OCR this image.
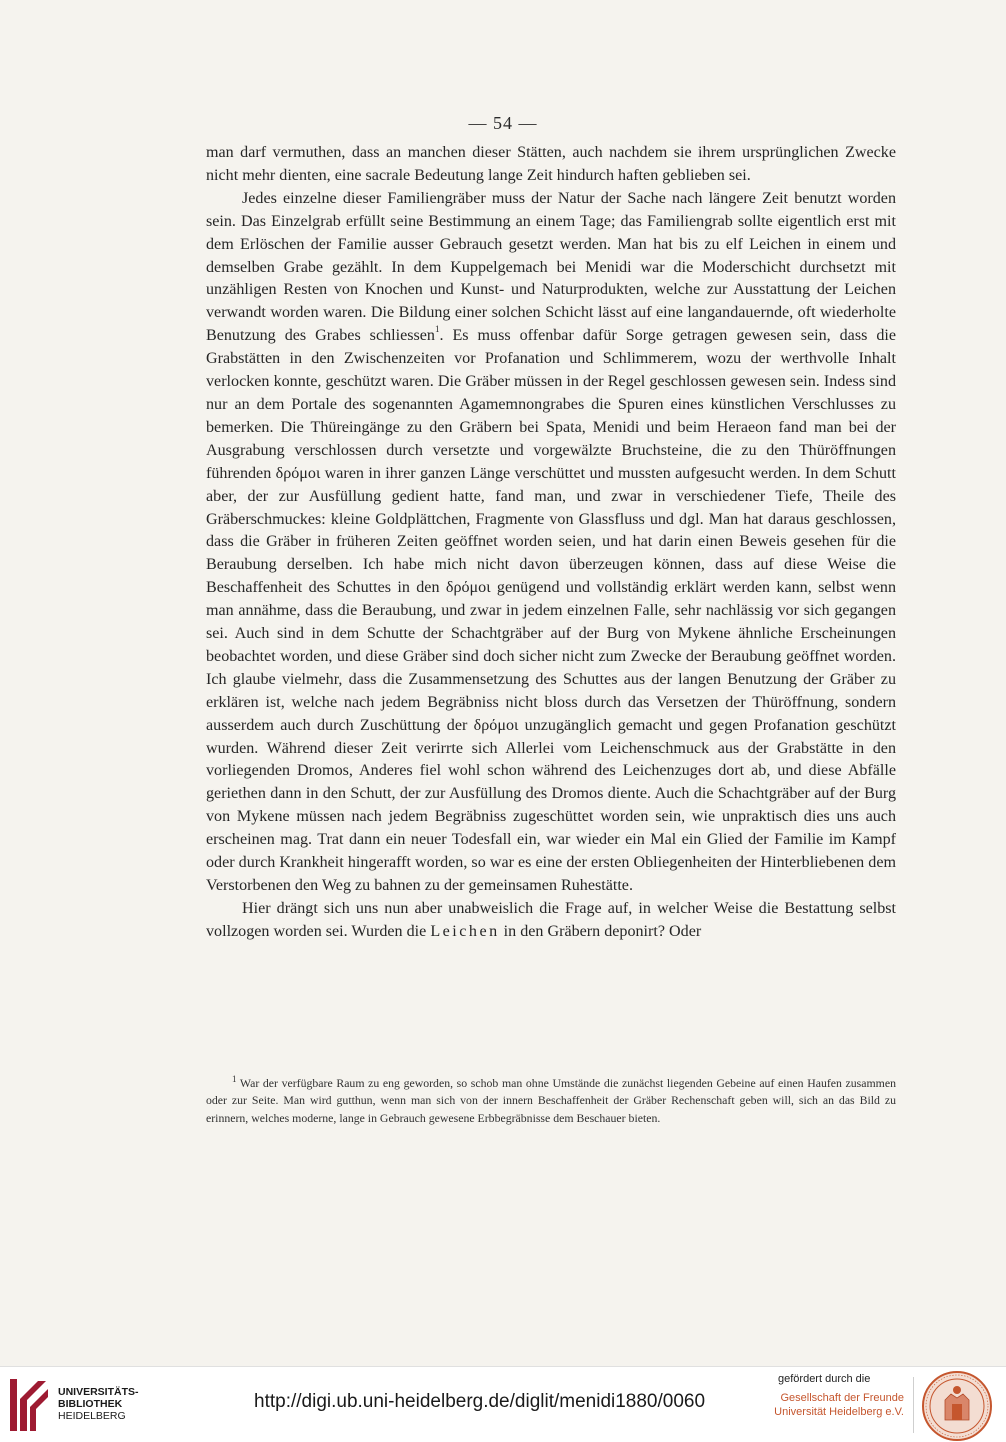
— 54 —

man darf vermuthen, dass an manchen dieser Stätten, auch nachdem sie ihrem ursprünglichen Zwecke nicht mehr dienten, eine sacrale Bedeutung lange Zeit hindurch haften geblieben sei.

Jedes einzelne dieser Familiengräber muss der Natur der Sache nach längere Zeit benutzt worden sein. Das Einzelgrab erfüllt seine Bestimmung an einem Tage; das Familiengrab sollte eigentlich erst mit dem Erlöschen der Familie ausser Gebrauch gesetzt werden. Man hat bis zu elf Leichen in einem und demselben Grabe gezählt. In dem Kuppelgemach bei Menidi war die Moderschicht durchsetzt mit unzähligen Resten von Knochen und Kunst- und Naturprodukten, welche zur Ausstattung der Leichen verwandt worden waren. Die Bildung einer solchen Schicht lässt auf eine langandauernde, oft wiederholte Benutzung des Grabes schliessen$^1$. Es muss offenbar dafür Sorge getragen gewesen sein, dass die Grabstätten in den Zwischenzeiten vor Profanation und Schlimmerem, wozu der werthvolle Inhalt verlocken konnte, geschützt waren. Die Gräber müssen in der Regel geschlossen gewesen sein. Indess sind nur an dem Portale des sogenannten Agamemnongrabes die Spuren eines künstlichen Verschlusses zu bemerken. Die Thüreingänge zu den Gräbern bei Spata, Menidi und beim Heraeon fand man bei der Ausgrabung verschlossen durch versetzte und vorgewälzte Bruchsteine, die zu den Thüröffnungen führenden δρόμοι waren in ihrer ganzen Länge verschüttet und mussten aufgesucht werden. In dem Schutt aber, der zur Ausfüllung gedient hatte, fand man, und zwar in verschiedener Tiefe, Theile des Gräberschmuckes: kleine Goldplättchen, Fragmente von Glassfluss und dgl. Man hat daraus geschlossen, dass die Gräber in früheren Zeiten geöffnet worden seien, und hat darin einen Beweis gesehen für die Beraubung derselben. Ich habe mich nicht davon überzeugen können, dass auf diese Weise die Beschaffenheit des Schuttes in den δρόμοι genügend und vollständig erklärt werden kann, selbst wenn man annähme, dass die Beraubung, und zwar in jedem einzelnen Falle, sehr nachlässig vor sich gegangen sei. Auch sind in dem Schutte der Schachtgräber auf der Burg von Mykene ähnliche Erscheinungen beobachtet worden, und diese Gräber sind doch sicher nicht zum Zwecke der Beraubung geöffnet worden. Ich glaube vielmehr, dass die Zusammensetzung des Schuttes aus der langen Benutzung der Gräber zu erklären ist, welche nach jedem Begräbniss nicht bloss durch das Versetzen der Thüröffnung, sondern ausserdem auch durch Zuschüttung der δρόμοι unzugänglich gemacht und gegen Profanation geschützt wurden. Während dieser Zeit verirrte sich Allerlei vom Leichenschmuck aus der Grabstätte in den vorliegenden Dromos, Anderes fiel wohl schon während des Leichenzuges dort ab, und diese Abfälle geriethen dann in den Schutt, der zur Ausfüllung des Dromos diente. Auch die Schachtgräber auf der Burg von Mykene müssen nach jedem Begräbniss zugeschüttet worden sein, wie unpraktisch dies uns auch erscheinen mag. Trat dann ein neuer Todesfall ein, war wieder ein Mal ein Glied der Familie im Kampf oder durch Krankheit hingerafft worden, so war es eine der ersten Obliegenheiten der Hinterbliebenen dem Verstorbenen den Weg zu bahnen zu der gemeinsamen Ruhestätte.

Hier drängt sich uns nun aber unabweislich die Frage auf, in welcher Weise die Bestattung selbst vollzogen worden sei. Wurden die Leichen in den Gräbern deponirt? Oder

$^1$ War der verfügbare Raum zu eng geworden, so schob man ohne Umstände die zunächst liegenden Gebeine auf einen Haufen zusammen oder zur Seite. Man wird gutthun, wenn man sich von der innern Beschaffenheit der Gräber Rechenschaft geben will, sich an das Bild zu erinnern, welches moderne, lange in Gebrauch gewesene Erbbegräbnisse dem Beschauer bieten.

UNIVERSITÄTS-
BIBLIOTHEK
HEIDELBERG
http://digi.ub.uni-heidelberg.de/diglit/menidi1880/0060
gefördert durch die
Gesellschaft der Freunde
Universität Heidelberg e.V.
